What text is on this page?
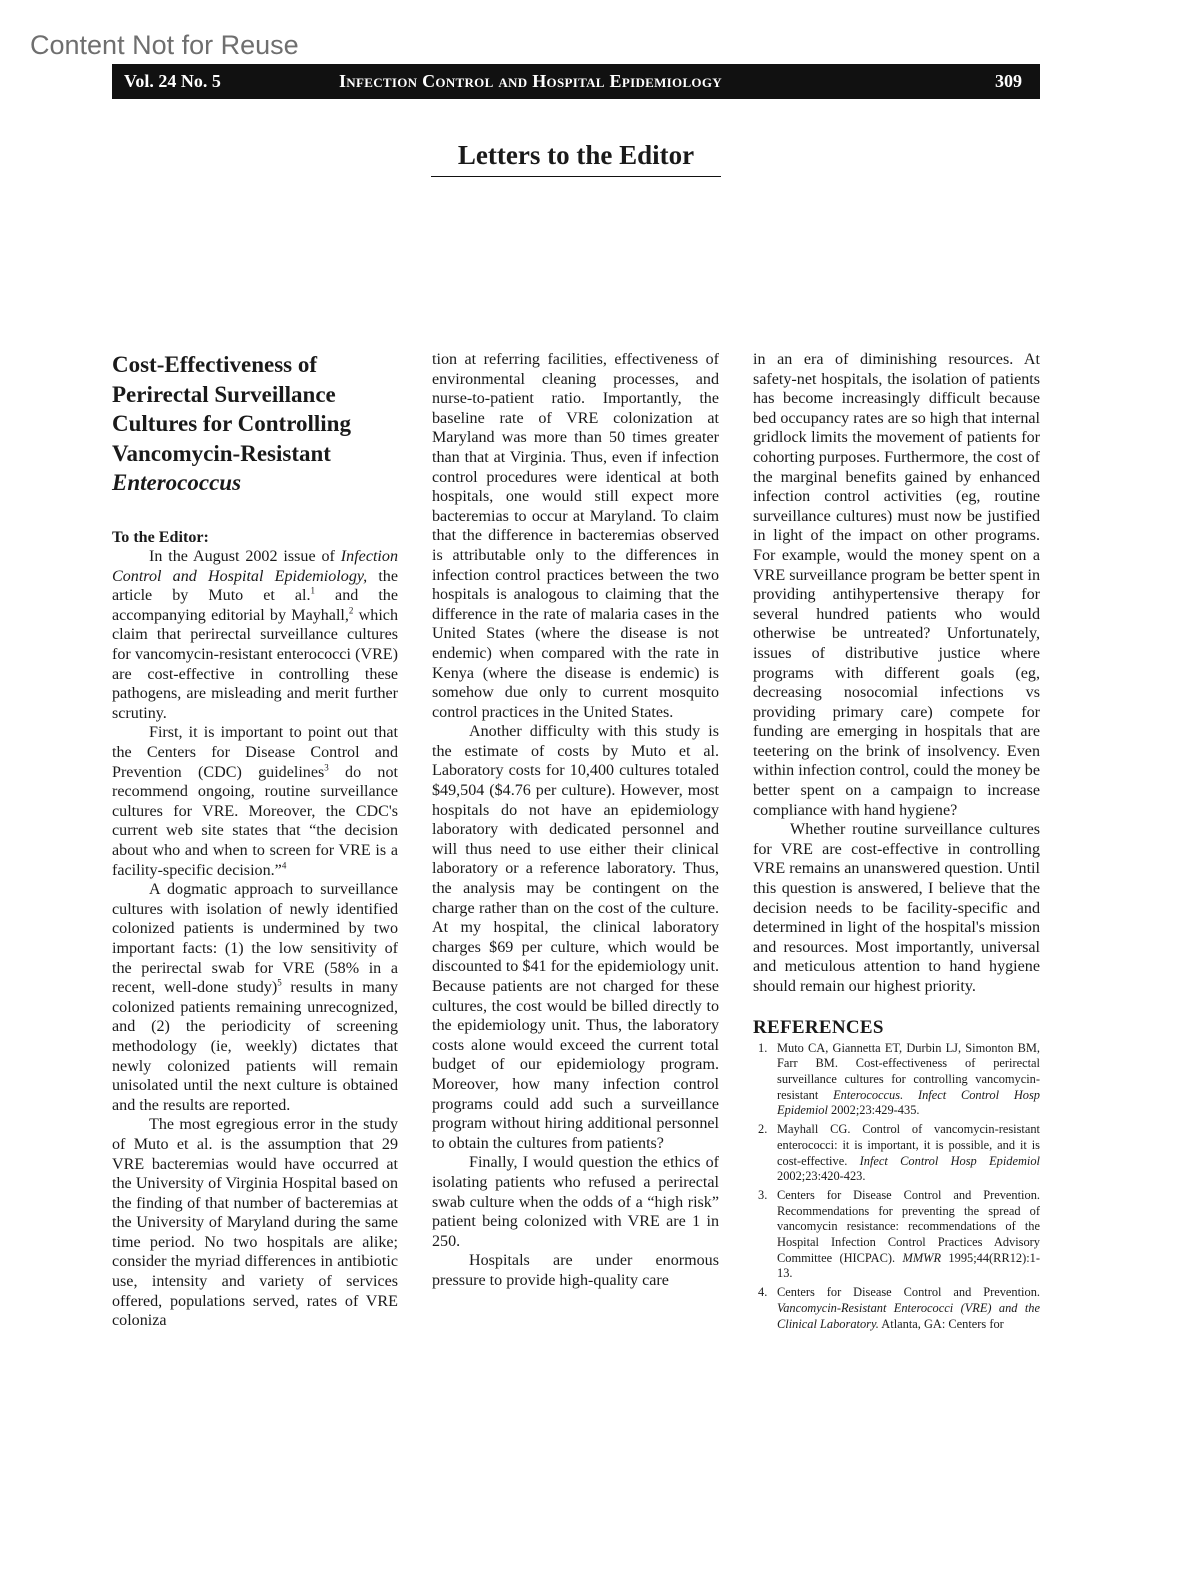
Content Not for Reuse
Vol. 24 No. 5	Infection Control and Hospital Epidemiology	309
Letters to the Editor
Cost-Effectiveness of Perirectal Surveillance Cultures for Controlling Vancomycin-Resistant
Enterococcus

To the Editor:

In the August 2002 issue of Infection Control and Hospital Epidemiology, the article by Muto et al.$^1$ and the accompanying editorial by Mayhall,$^2$ which claim that perirectal surveillance cultures for vancomycin-resistant enterococci (VRE) are cost-effective in controlling these pathogens, are misleading and merit further scrutiny.

First, it is important to point out that the Centers for Disease Control and Prevention (CDC) guidelines$^3$ do not recommend ongoing, routine surveillance cultures for VRE. Moreover, the CDC's current web site states that “the decision about who and when to screen for VRE is a facility-specific decision.”$^4$

A dogmatic approach to surveillance cultures with isolation of newly identified colonized patients is undermined by two important facts: (1) the low sensitivity of the perirectal swab for VRE (58% in a recent, well-done study)$^5$ results in many colonized patients remaining unrecognized, and (2) the periodicity of screening methodology (ie, weekly) dictates that newly colonized patients will remain unisolated until the next culture is obtained and the results are reported.

The most egregious error in the study of Muto et al. is the assumption that 29 VRE bacteremias would have occurred at the University of Virginia Hospital based on the finding of that number of bacteremias at the University of Maryland during the same time period. No two hospitals are alike; consider the myriad differences in antibiotic use, intensity and variety of services offered, populations served, rates of VRE coloniza

tion at referring facilities, effectiveness of environmental cleaning processes, and nurse-to-patient ratio. Importantly, the baseline rate of VRE colonization at Maryland was more than 50 times greater than that at Virginia. Thus, even if infection control procedures were identical at both hospitals, one would still expect more bacteremias to occur at Maryland. To claim that the difference in bacteremias observed is attributable only to the differences in infection control practices between the two hospitals is analogous to claiming that the difference in the rate of malaria cases in the United States (where the disease is not endemic) when compared with the rate in Kenya (where the disease is endemic) is somehow due only to current mosquito control practices in the United States.

Another difficulty with this study is the estimate of costs by Muto et al. Laboratory costs for 10,400 cultures totaled $49,504 ($4.76 per culture). However, most hospitals do not have an epidemiology laboratory with dedicated personnel and will thus need to use either their clinical laboratory or a reference laboratory. Thus, the analysis may be contingent on the charge rather than on the cost of the culture. At my hospital, the clinical laboratory charges $69 per culture, which would be discounted to $41 for the epidemiology unit. Because patients are not charged for these cultures, the cost would be billed directly to the epidemiology unit. Thus, the laboratory costs alone would exceed the current total budget of our epidemiology program. Moreover, how many infection control programs could add such a surveillance program without hiring additional personnel to obtain the cultures from patients?

Finally, I would question the ethics of isolating patients who refused a perirectal swab culture when the odds of a “high risk” patient being colonized with VRE are 1 in 250.

Hospitals are under enormous pressure to provide high-quality care

in an era of diminishing resources. At safety-net hospitals, the isolation of patients has become increasingly difficult because bed occupancy rates are so high that internal gridlock limits the movement of patients for cohorting purposes. Furthermore, the cost of the marginal benefits gained by enhanced infection control activities (eg, routine surveillance cultures) must now be justified in light of the impact on other programs. For example, would the money spent on a VRE surveillance program be better spent in providing antihypertensive therapy for several hundred patients who would otherwise be untreated? Unfortunately, issues of distributive justice where programs with different goals (eg, decreasing nosocomial infections vs providing primary care) compete for funding are emerging in hospitals that are teetering on the brink of insolvency. Even within infection control, could the money be better spent on a campaign to increase compliance with hand hygiene?

Whether routine surveillance cultures for VRE are cost-effective in controlling VRE remains an unanswered question. Until this question is answered, I believe that the decision needs to be facility-specific and determined in light of the hospital's mission and resources. Most importantly, universal and meticulous attention to hand hygiene should remain our highest priority.

REFERENCES
1. Muto CA, Giannetta ET, Durbin LJ, Simonton BM, Farr BM. Cost-effectiveness of perirectal surveillance cultures for controlling vancomycin-resistant Enterococcus. Infect Control Hosp Epidemiol 2002;23:429-435.
2. Mayhall CG. Control of vancomycin-resistant enterococci: it is important, it is possible, and it is cost-effective. Infect Control Hosp Epidemiol 2002;23:420-423.
3. Centers for Disease Control and Prevention. Recommendations for preventing the spread of vancomycin resistance: recommendations of the Hospital Infection Control Practices Advisory Committee (HICPAC). MMWR 1995;44(RR12):1-13.
4. Centers for Disease Control and Prevention. Vancomycin-Resistant Enterococci (VRE) and the Clinical Laboratory. Atlanta, GA: Centers for
